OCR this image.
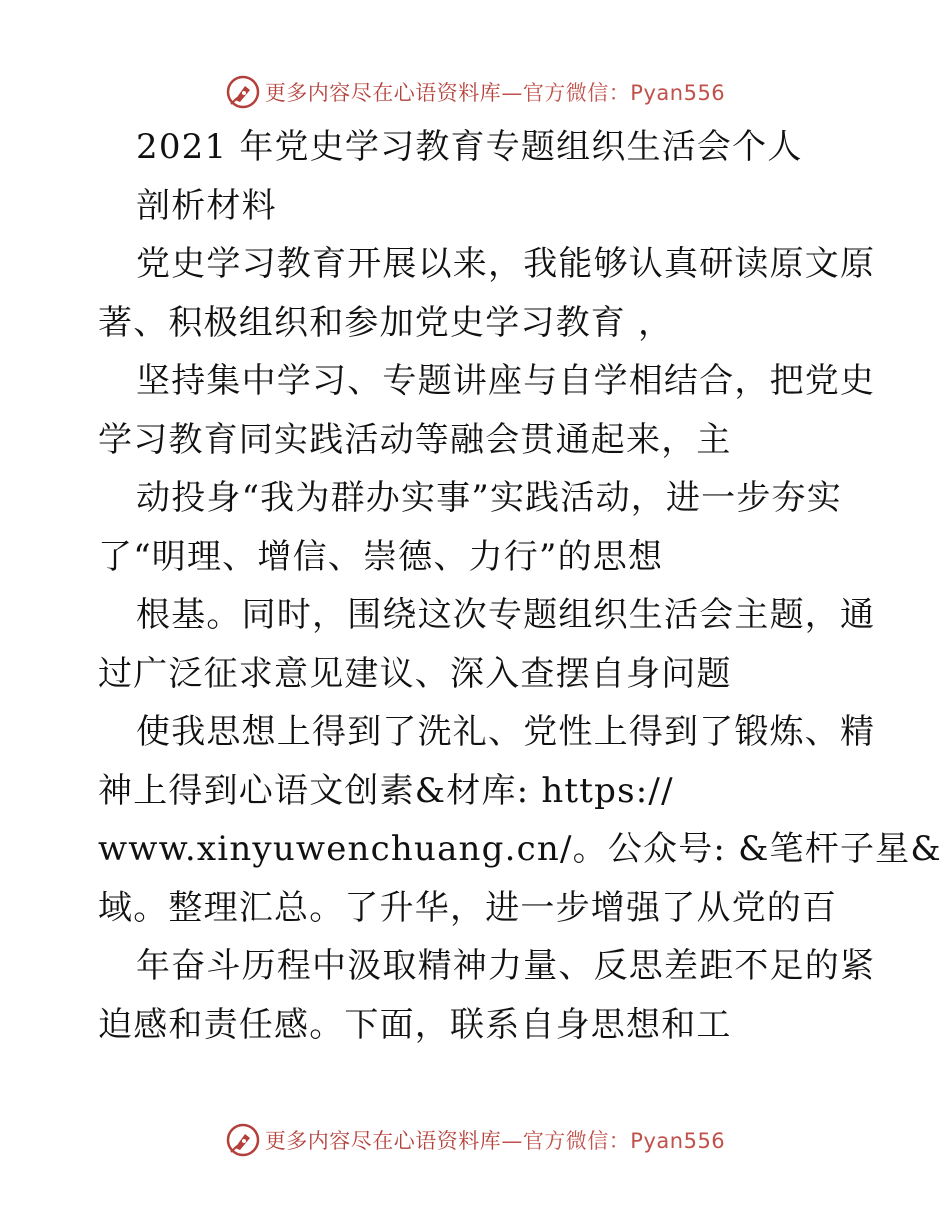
更多内容尽在心语资料库—官方微信：Pyan556
2021 年党史学习教育专题组织生活会个人
剖析材料
党史学习教育开展以来，我能够认真研读原文原
著、积极组织和参加党史学习教育 ，
坚持集中学习、专题讲座与自学相结合，把党史
学习教育同实践活动等融会贯通起来，主
动投身“我为群办实事”实践活动，进一步夯实
了“明理、增信、崇德、力行”的思想
根基。同时，围绕这次专题组织生活会主题，通
过广泛征求意见建议、深入查摆自身问题
使我思想上得到了洗礼、党性上得到了锻炼、精
神上得到心语文创素&材库: https://
www.xinyuwenchuang.cn/。公众号: &笔杆子星&
域。整理汇总。了升华，进一步增强了从党的百
年奋斗历程中汲取精神力量、反思差距不足的紧
迫感和责任感。下面，联系自身思想和工
更多内容尽在心语资料库—官方微信：Pyan556
